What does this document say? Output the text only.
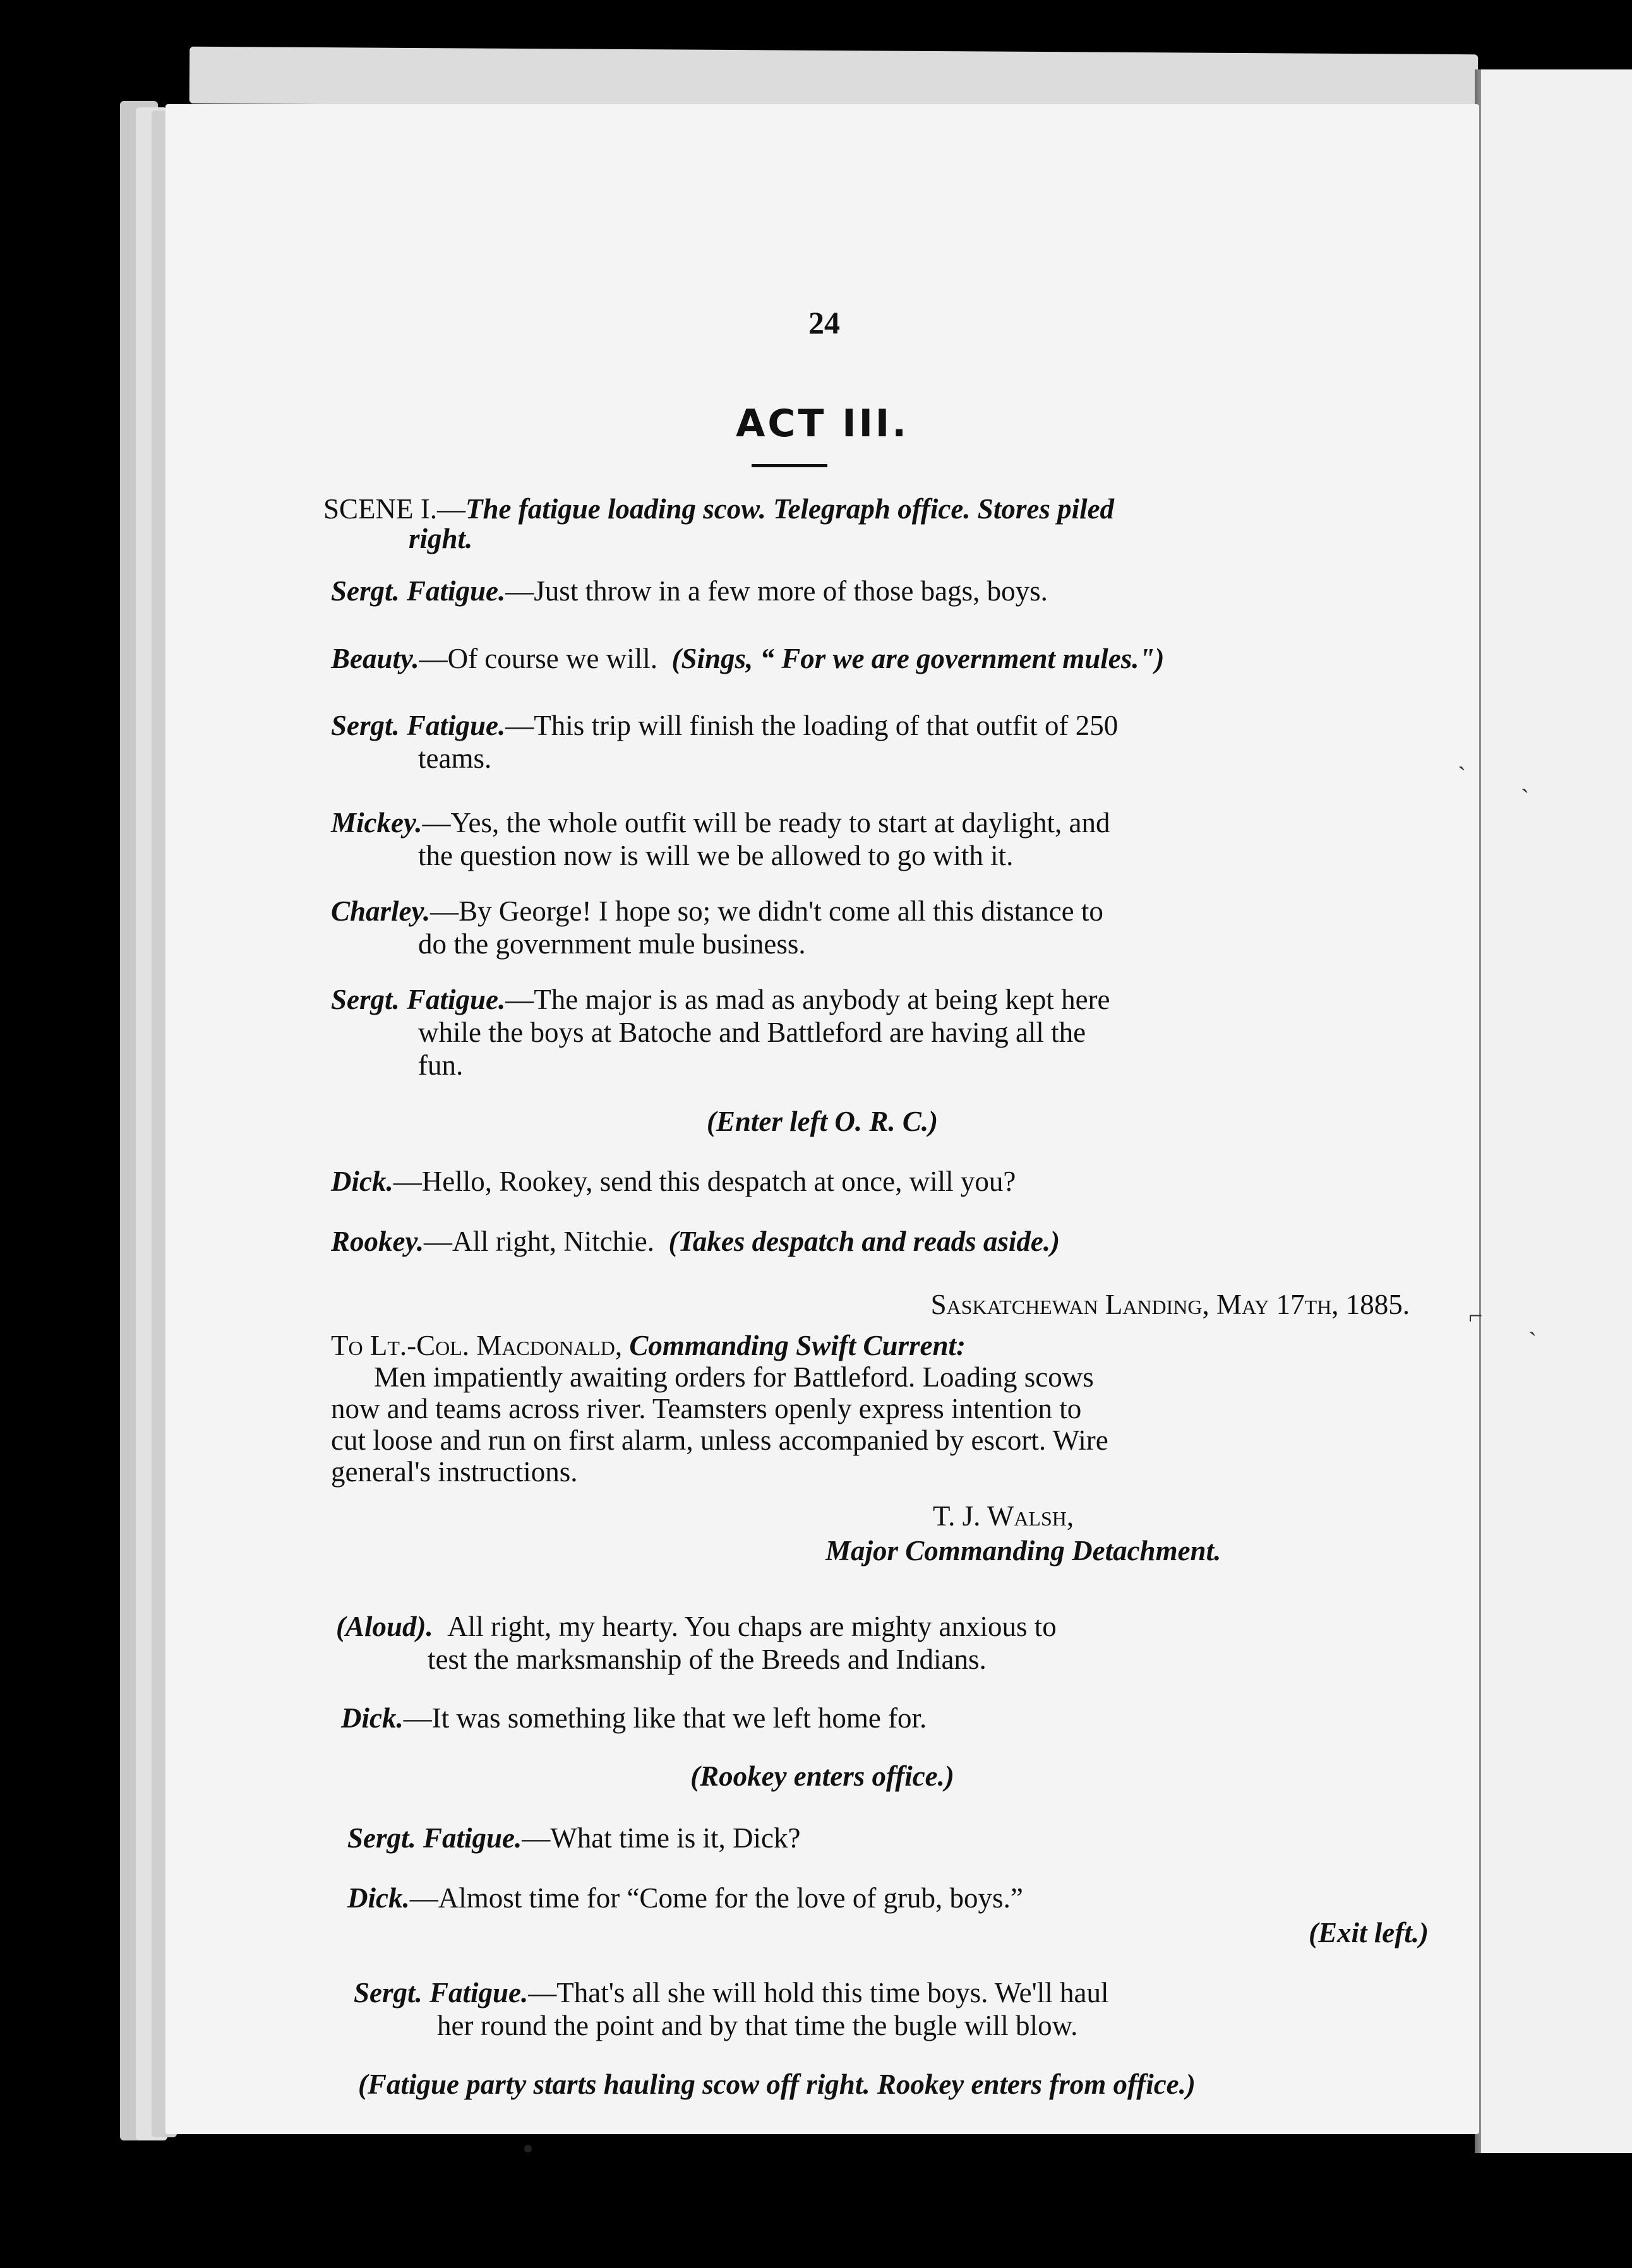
24
ACT III.
SCENE I.—The fatigue loading scow. Telegraph office. Stores piled
right.
Sergt. Fatigue.—Just throw in a few more of those bags, boys.
Beauty.—Of course we will. (Sings, “ For we are government mules.")
Sergt. Fatigue.—This trip will finish the loading of that outfit of 250
teams.
Mickey.—Yes, the whole outfit will be ready to start at daylight, and
the question now is will we be allowed to go with it.
Charley.—By George! I hope so; we didn't come all this distance to
do the government mule business.
Sergt. Fatigue.—The major is as mad as anybody at being kept here
while the boys at Batoche and Battleford are having all the
fun.
(Enter left O. R. C.)
Dick.—Hello, Rookey, send this despatch at once, will you?
Rookey.—All right, Nitchie. (Takes despatch and reads aside.)
Saskatchewan Landing, May 17th, 1885.
To Lt.-Col. Macdonald, Commanding Swift Current:
Men impatiently awaiting orders for Battleford. Loading scows
now and teams across river. Teamsters openly express intention to
cut loose and run on first alarm, unless accompanied by escort. Wire
general's instructions.
T. J. Walsh,
Major Commanding Detachment.
(Aloud). All right, my hearty. You chaps are mighty anxious to
test the marksmanship of the Breeds and Indians.
Dick.—It was something like that we left home for.
(Rookey enters office.)
Sergt. Fatigue.—What time is it, Dick?
Dick.—Almost time for “Come for the love of grub, boys.”
(Exit left.)
Sergt. Fatigue.—That's all she will hold this time boys. We'll haul
her round the point and by that time the bugle will blow.
(Fatigue party starts hauling scow off right. Rookey enters from office.)
ˋ ˏ
⌐ ˎ
